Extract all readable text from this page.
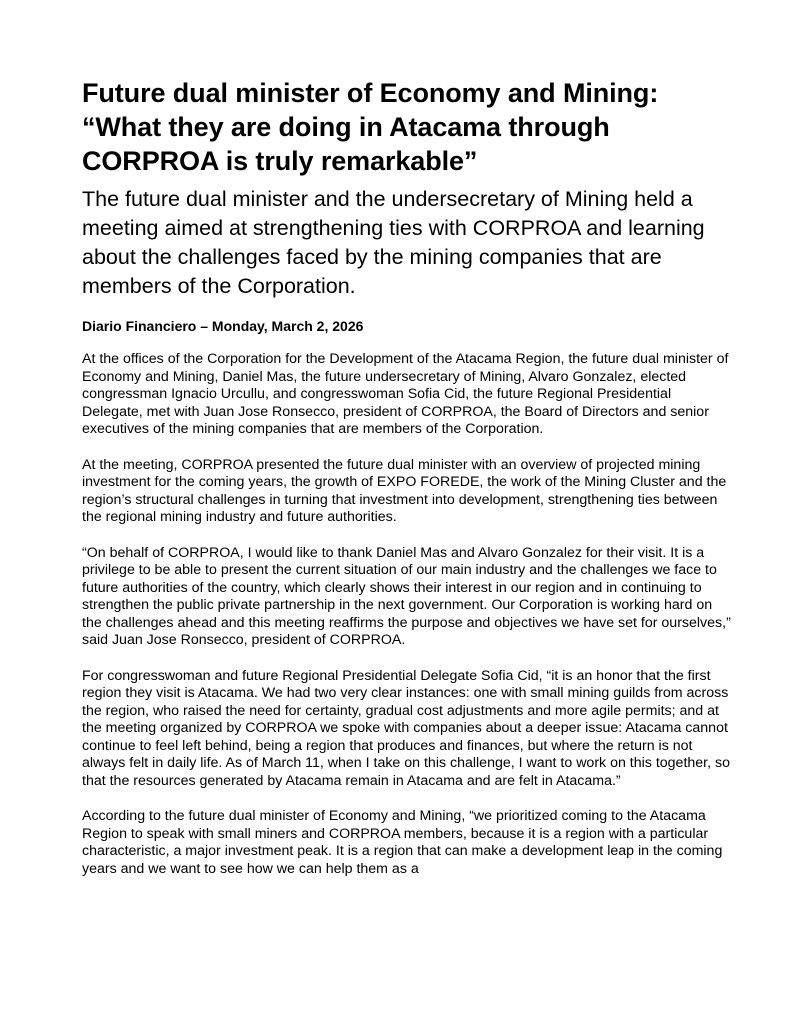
Future dual minister of Economy and Mining: “What they are doing in Atacama through CORPROA is truly remarkable”
The future dual minister and the undersecretary of Mining held a meeting aimed at strengthening ties with CORPROA and learning about the challenges faced by the mining companies that are members of the Corporation.

Diario Financiero – Monday, March 2, 2026

At the offices of the Corporation for the Development of the Atacama Region, the future dual minister of Economy and Mining, Daniel Mas, the future undersecretary of Mining, Alvaro Gonzalez, elected congressman Ignacio Urcullu, and congresswoman Sofia Cid, the future Regional Presidential Delegate, met with Juan Jose Ronsecco, president of CORPROA, the Board of Directors and senior executives of the mining companies that are members of the Corporation.

At the meeting, CORPROA presented the future dual minister with an overview of projected mining investment for the coming years, the growth of EXPO FOREDE, the work of the Mining Cluster and the region’s structural challenges in turning that investment into development, strengthening ties between the regional mining industry and future authorities.

“On behalf of CORPROA, I would like to thank Daniel Mas and Alvaro Gonzalez for their visit. It is a privilege to be able to present the current situation of our main industry and the challenges we face to future authorities of the country, which clearly shows their interest in our region and in continuing to strengthen the public private partnership in the next government. Our Corporation is working hard on the challenges ahead and this meeting reaffirms the purpose and objectives we have set for ourselves,” said Juan Jose Ronsecco, president of CORPROA.

For congresswoman and future Regional Presidential Delegate Sofia Cid, “it is an honor that the first region they visit is Atacama. We had two very clear instances: one with small mining guilds from across the region, who raised the need for certainty, gradual cost adjustments and more agile permits; and at the meeting organized by CORPROA we spoke with companies about a deeper issue: Atacama cannot continue to feel left behind, being a region that produces and finances, but where the return is not always felt in daily life. As of March 11, when I take on this challenge, I want to work on this together, so that the resources generated by Atacama remain in Atacama and are felt in Atacama.”

According to the future dual minister of Economy and Mining, “we prioritized coming to the Atacama Region to speak with small miners and CORPROA members, because it is a region with a particular characteristic, a major investment peak. It is a region that can make a development leap in the coming years and we want to see how we can help them as a
